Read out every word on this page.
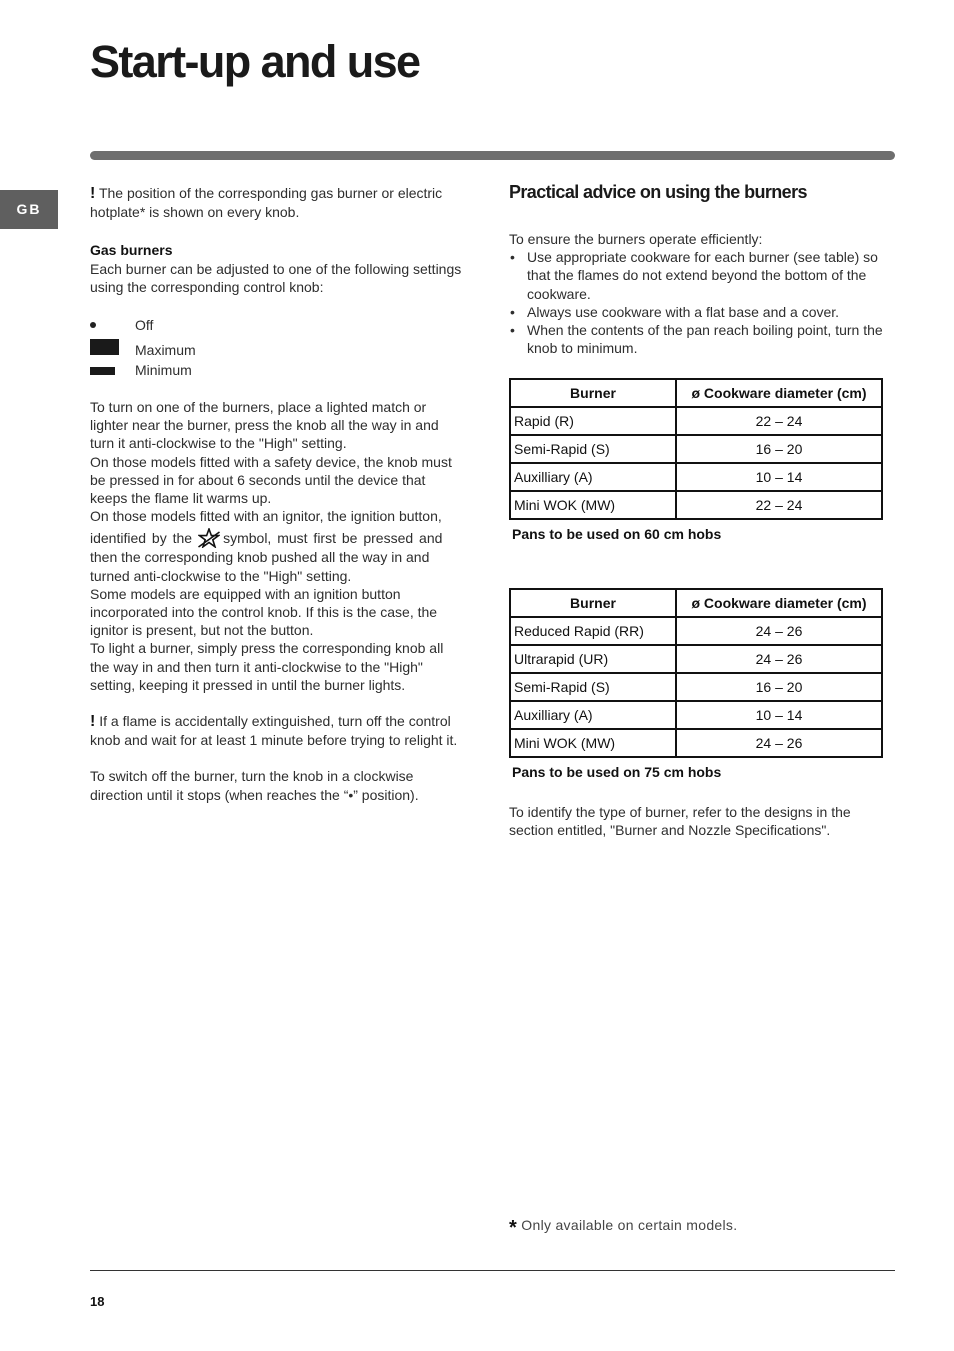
Start-up and use
GB

! The position of the corresponding gas burner or electric hotplate* is shown on every knob.

Gas burners

Each burner can be adjusted to one of the following settings using the corresponding control knob:

Off
Maximum
Minimum

To turn on one of the burners, place a lighted match or lighter near the burner, press the knob all the way in and turn it anti-clockwise to the "High" setting.

On those models fitted with a safety device, the knob must be pressed in for about 6 seconds until the device that keeps the flame lit warms up.

On those models fitted with an ignitor, the ignition button,

identified by the symbol, must first be pressed and

then the corresponding knob pushed all the way in and turned anti-clockwise to the "High" setting.

Some models are equipped with an ignition button incorporated into the control knob. If this is the case, the ignitor is present, but not the button.

To light a burner, simply press the corresponding knob all the way in and then turn it anti-clockwise to the "High" setting, keeping it pressed in until the burner lights.

! If a flame is accidentally extinguished, turn off the control knob and wait for at least 1 minute before trying to relight it.

To switch off the burner, turn the knob in a clockwise direction until it stops (when reaches the “•” position).

Practical advice on using the burners

To ensure the burners operate efficiently:

• Use appropriate cookware for each burner (see table) so that the flames do not extend beyond the bottom of the cookware.
• Always use cookware with a flat base and a cover.
• When the contents of the pan reach boiling point, turn the knob to minimum.
Burner	ø Cookware diameter (cm)
Rapid (R)	22 – 24
Semi-Rapid (S)	16 – 20
Auxilliary (A)	10 – 14
Mini WOK (MW)	22 – 24

Pans to be used on 60 cm hobs

Burner	ø Cookware diameter (cm)
Reduced Rapid (RR)	24 – 26
Ultrarapid (UR)	24 – 26
Semi-Rapid (S)	16 – 20
Auxilliary (A)	10 – 14
Mini WOK (MW)	24 – 26

Pans to be used on 75 cm hobs

To identify the type of burner, refer to the designs in the section entitled, "Burner and Nozzle Specifications".

* Only available on certain models.
18
